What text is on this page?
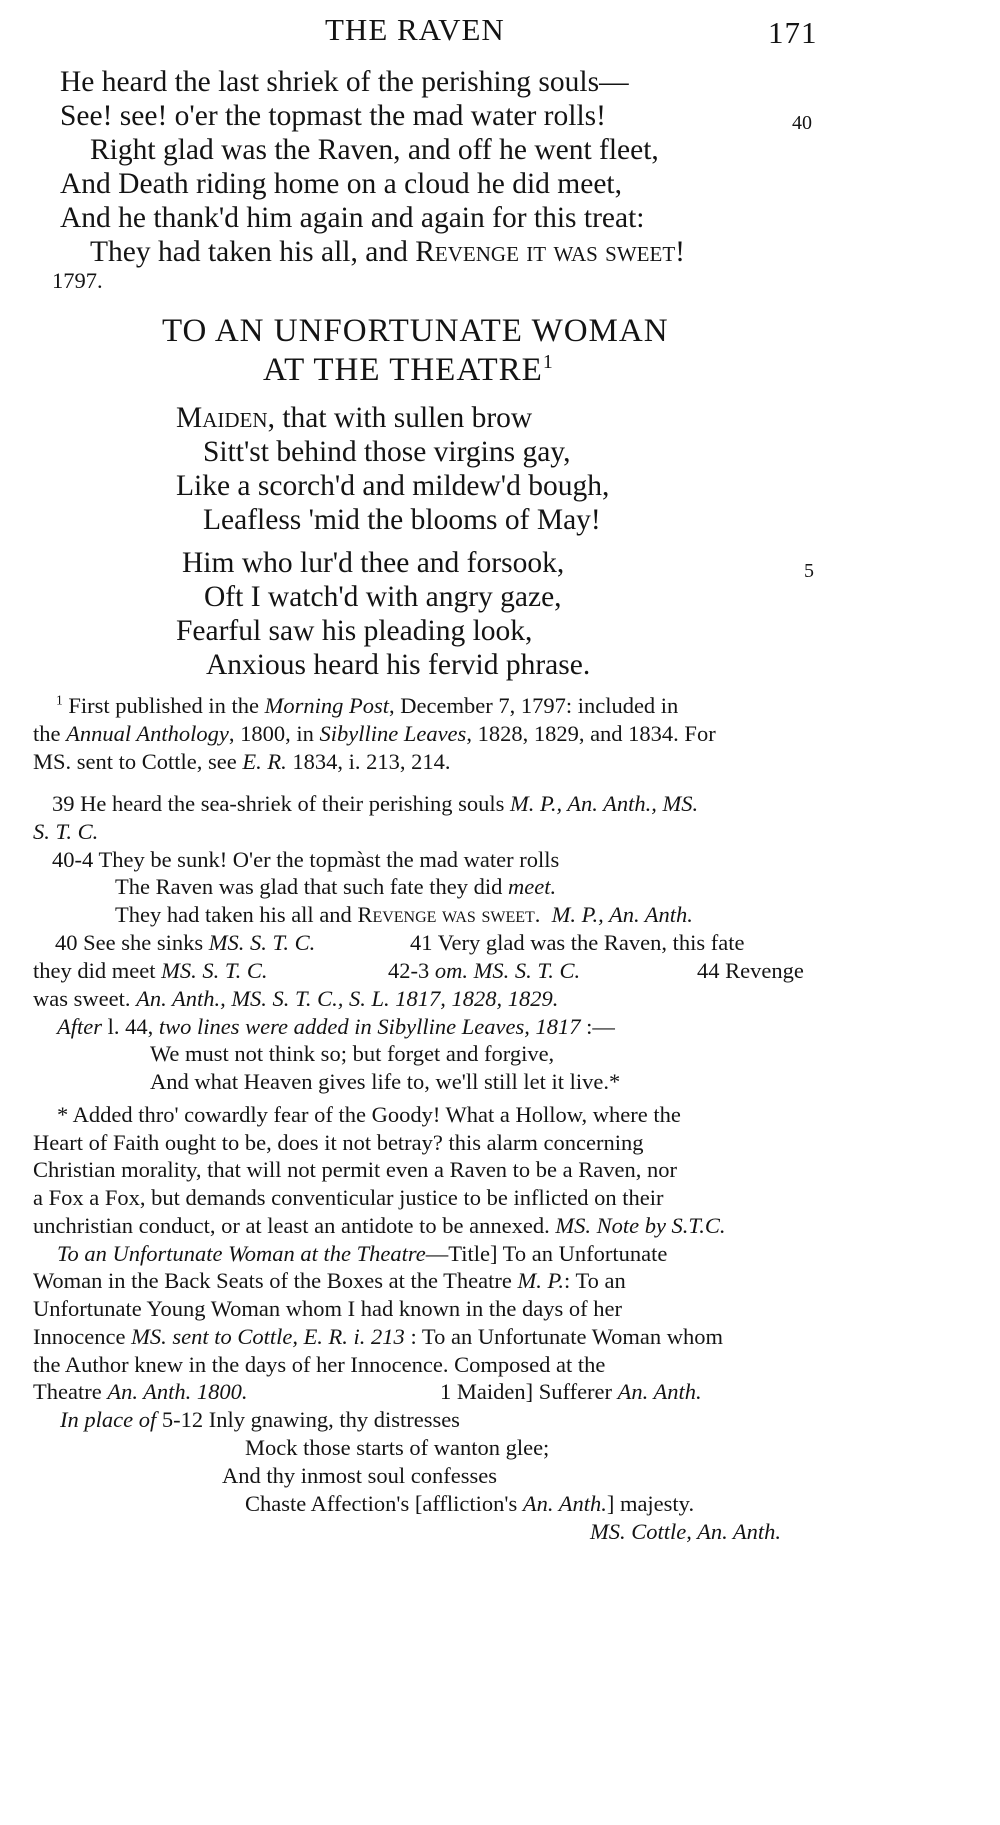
THE RAVEN	171
He heard the last shriek of the perishing souls—
See! see! o'er the topmast the mad water rolls!	40
Right glad was the Raven, and off he went fleet,
And Death riding home on a cloud he did meet,
And he thank'd him again and again for this treat:
They had taken his all, and Revenge it was sweet!
1797.
TO AN UNFORTUNATE WOMAN
AT THE THEATRE$^1$
Maiden, that with sullen brow
Sitt'st behind those virgins gay,
Like a scorch'd and mildew'd bough,
Leafless 'mid the blooms of May!
Him who lur'd thee and forsook,	5
Oft I watch'd with angry gaze,
Fearful saw his pleading look,
Anxious heard his fervid phrase.
$^1$ First published in the Morning Post, December 7, 1797: included in
the Annual Anthology, 1800, in Sibylline Leaves, 1828, 1829, and 1834. For
MS. sent to Cottle, see E. R. 1834, i. 213, 214.
39 He heard the sea-shriek of their perishing souls M. P., An. Anth., MS.
S. T. C.
40-4 They be sunk! O'er the topmàst the mad water rolls
The Raven was glad that such fate they did meet.
They had taken his all and Revenge was sweet. M. P., An. Anth.
40 See she sinks MS. S. T. C.	41 Very glad was the Raven, this fate
they did meet MS. S. T. C.	42-3 om. MS. S. T. C.	44 Revenge
was sweet. An. Anth., MS. S. T. C., S. L. 1817, 1828, 1829.
After l. 44, two lines were added in Sibylline Leaves, 1817 :—
We must not think so; but forget and forgive,
And what Heaven gives life to, we'll still let it live.*
* Added thro' cowardly fear of the Goody! What a Hollow, where the
Heart of Faith ought to be, does it not betray? this alarm concerning
Christian morality, that will not permit even a Raven to be a Raven, nor
a Fox a Fox, but demands conventicular justice to be inflicted on their
unchristian conduct, or at least an antidote to be annexed. MS. Note by S.T.C.
To an Unfortunate Woman at the Theatre—Title] To an Unfortunate
Woman in the Back Seats of the Boxes at the Theatre M. P.: To an
Unfortunate Young Woman whom I had known in the days of her
Innocence MS. sent to Cottle, E. R. i. 213 : To an Unfortunate Woman whom
the Author knew in the days of her Innocence. Composed at the
Theatre An. Anth. 1800.	1 Maiden] Sufferer An. Anth.
In place of 5-12 Inly gnawing, thy distresses
Mock those starts of wanton glee;
And thy inmost soul confesses
Chaste Affection's [affliction's An. Anth.] majesty.
MS. Cottle, An. Anth.
